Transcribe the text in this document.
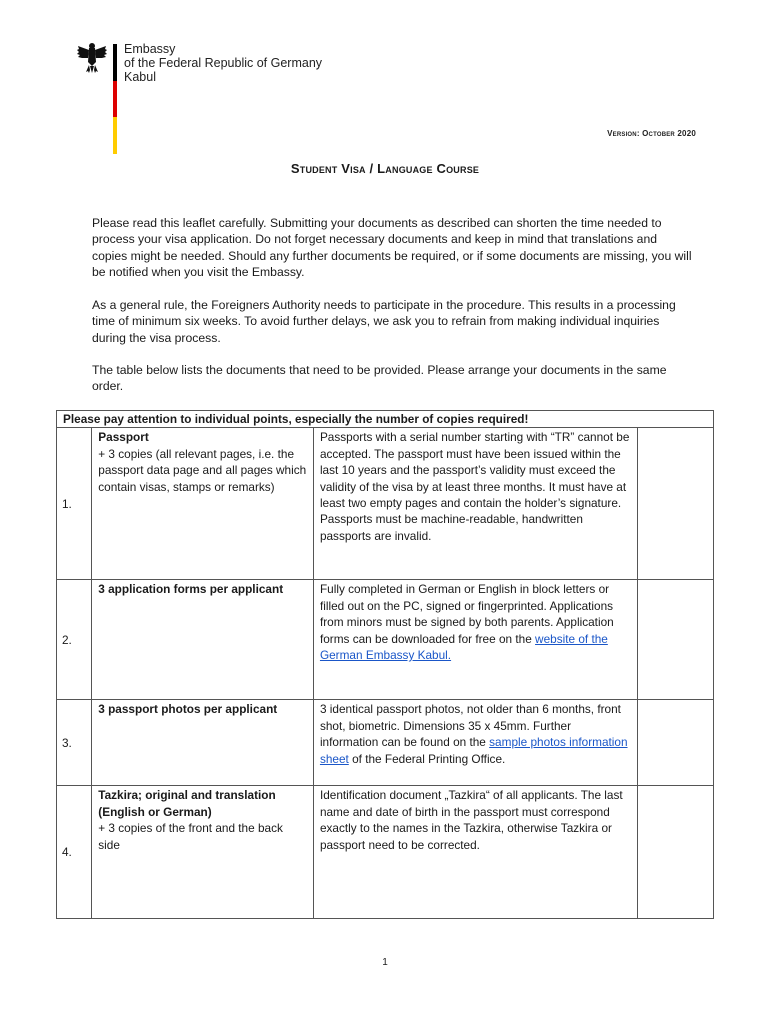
Embassy
of the Federal Republic of Germany
Kabul
Version: October 2020
Student Visa / Language Course
Please read this leaflet carefully. Submitting your documents as described can shorten the time needed to process your visa application. Do not forget necessary documents and keep in mind that translations and copies might be needed. Should any further documents be required, or if some documents are missing, you will be notified when you visit the Embassy.
As a general rule, the Foreigners Authority needs to participate in the procedure. This results in a processing time of minimum six weeks. To avoid further delays, we ask you to refrain from making individual inquiries during the visa process.
The table below lists the documents that need to be provided. Please arrange your documents in the same order.
Please pay attention to individual points, especially the number of copies required!			
1.	Passport
+ 3 copies (all relevant pages, i.e. the passport data page and all pages which contain visas, stamps or remarks)	Passports with a serial number starting with “TR” cannot be accepted. The passport must have been issued within the last 10 years and the passport’s validity must exceed the validity of the visa by at least three months. It must have at least two empty pages and contain the holder’s signature. Passports must be machine-readable, handwritten passports are invalid.	
2.	3 application forms per applicant	Fully completed in German or English in block letters or filled out on the PC, signed or fingerprinted. Applications from minors must be signed by both parents. Application forms can be downloaded for free on the website of the German Embassy Kabul.	
3.	3 passport photos per applicant	3 identical passport photos, not older than 6 months, front shot, biometric. Dimensions 35 x 45mm. Further information can be found on the sample photos information sheet of the Federal Printing Office.	
4.	Tazkira; original and translation (English or German)
+ 3 copies of the front and the back side	Identification document „Tazkira“ of all applicants. The last name and date of birth in the passport must correspond exactly to the names in the Tazkira, otherwise Tazkira or passport need to be corrected.	
1
